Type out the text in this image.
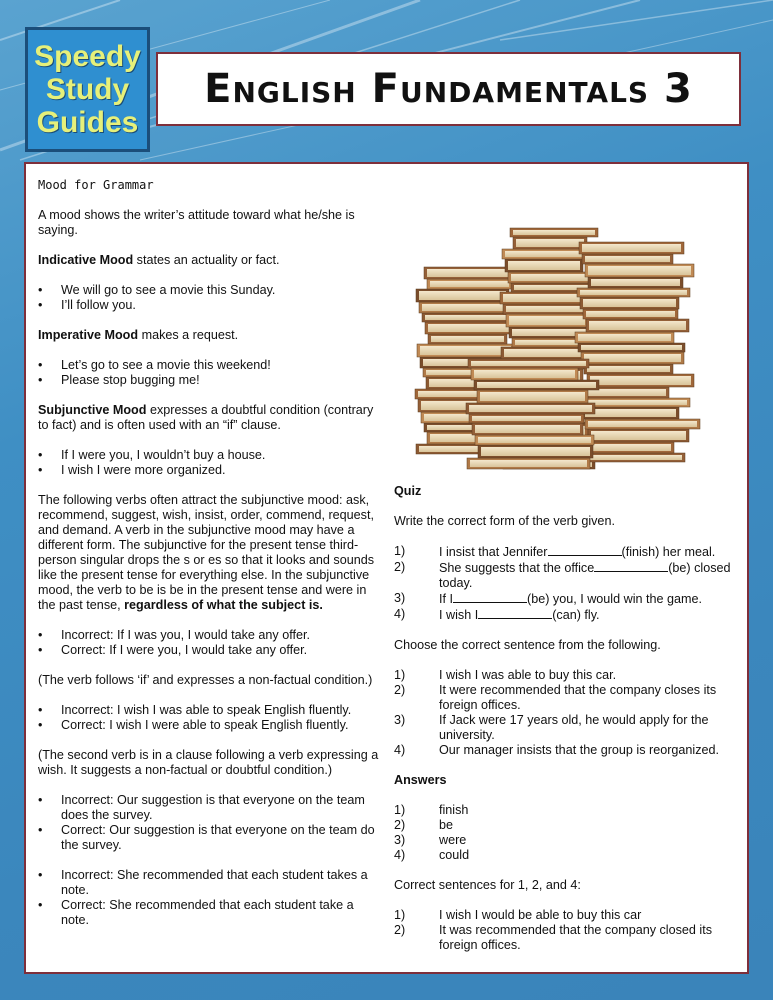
Speedy
Study
Guides
English Fundamentals 3

Mood for Grammar

A mood shows the writer’s attitude toward what he/she is saying.

Indicative Mood states an actuality or fact.

• We will go to see a movie this Sunday.
• I’ll follow you.

Imperative Mood makes a request.

• Let’s go to see a movie this weekend!
• Please stop bugging me!

Subjunctive Mood expresses a doubtful condition (contrary to fact) and is often used with an “if” clause.

• If I were you, I wouldn’t buy a house.
• I wish I were more organized.

The following verbs often attract the subjunctive mood: ask, recommend, suggest, wish, insist, order, commend, request, and demand. A verb in the subjunctive mood may have a different form. The subjunctive for the present tense third-person singular drops the s or es so that it looks and sounds like the present tense for everything else. In the subjunctive mood, the verb to be is be in the present tense and were in the past tense, regardless of what the subject is.

• Incorrect: If I was you, I would take any offer.
• Correct: If I were you, I would take any offer.

(The verb follows ‘if’ and expresses a non-factual condition.)

• Incorrect: I wish I was able to speak English fluently.
• Correct: I wish I were able to speak English fluently.

(The second verb is in a clause following a verb expressing a wish. It suggests a non-factual or doubtful condition.)

• Incorrect: Our suggestion is that everyone on the team does the survey.
• Correct: Our suggestion is that everyone on the team do the survey.
• Incorrect: She recommended that each student takes a note.
• Correct: She recommended that each student take a note.

Quiz

Write the correct form of the verb given.

1)	I insist that Jennifer	(finish) her meal.
2)	She suggests that the office	(be) closed today.
3)	If I	(be) you, I would win the game.
4)	I wish I	(can) fly.

Choose the correct sentence from the following.

1)	I wish I was able to buy this car.
2)	It were recommended that the company closes its foreign offices.
3)	If Jack were 17 years old, he would apply for the university.
4)	Our manager insists that the group is reorganized.

Answers

1)	finish
2)	be
3)	were
4)	could

Correct sentences for 1, 2, and 4:

1)	I wish I would be able to buy this car
2)	It was recommended that the company closed its foreign offices.
